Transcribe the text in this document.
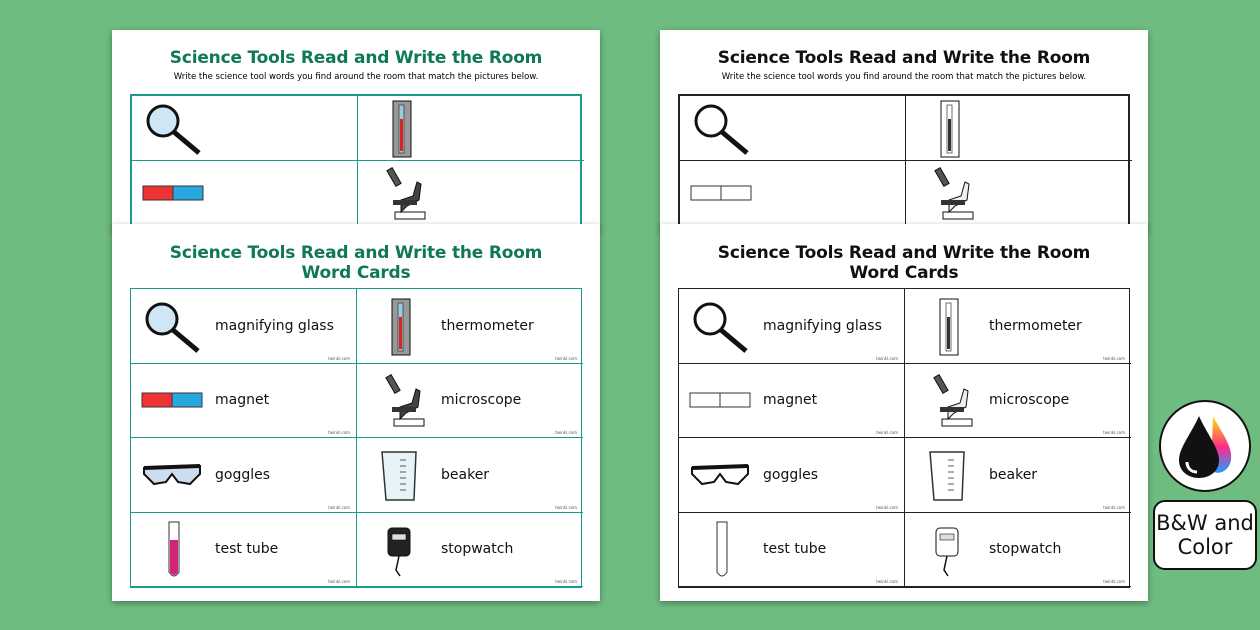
Science Tools Read and Write the Room
Write the science tool words you find around the room that match the pictures below.
Science Tools Read and Write the Room
Write the science tool words you find around the room that match the pictures below.
Science Tools Read and Write the Room
Word Cards
magnifying glass
twinkl.com
thermometer
twinkl.com
magnet
twinkl.com
microscope
twinkl.com
goggles
twinkl.com
beaker
twinkl.com
test tube
twinkl.com
stopwatch
twinkl.com
Science Tools Read and Write the Room
Word Cards
magnifying glass
twinkl.com
thermometer
twinkl.com
magnet
twinkl.com
microscope
twinkl.com
goggles
twinkl.com
beaker
twinkl.com
test tube
twinkl.com
stopwatch
twinkl.com
B&W and Color
